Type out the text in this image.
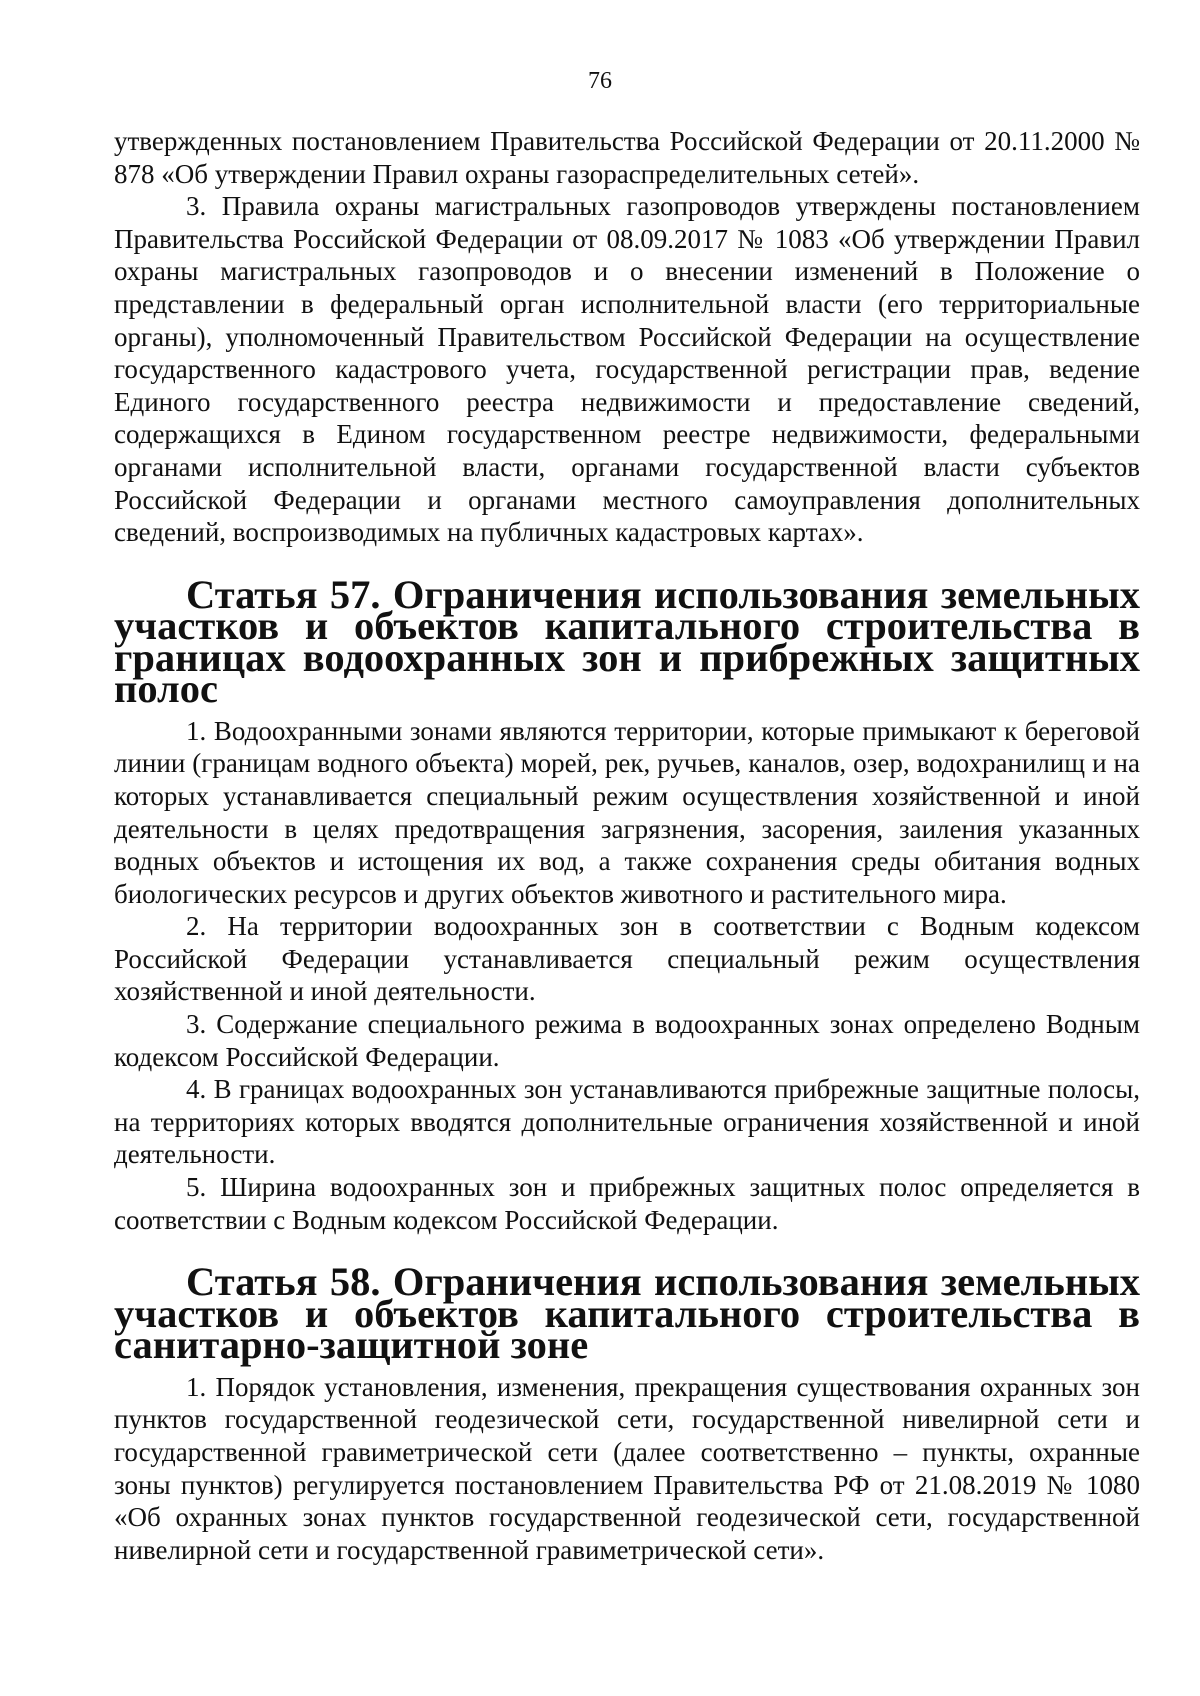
76

утвержденных постановлением Правительства Российской Федерации от 20.11.2000 № 878 «Об утверждении Правил охраны газораспределительных сетей».

3. Правила охраны магистральных газопроводов утверждены постановлением Правительства Российской Федерации от 08.09.2017 № 1083 «Об утверждении Правил охраны магистральных газопроводов и о внесении изменений в Положение о представлении в федеральный орган исполнительной власти (его территориальные органы), уполномоченный Правительством Российской Федерации на осуществление государственного кадастрового учета, государственной регистрации прав, ведение Единого государственного реестра недвижимости и предоставление сведений, содержащихся в Едином государственном реестре недвижимости, федеральными органами исполнительной власти, органами государственной власти субъектов Российской Федерации и органами местного самоуправления дополнительных сведений, воспроизводимых на публичных кадастровых картах».

Статья 57. Ограничения использования земельных участков и объектов капитального строительства в границах водоохранных зон и прибрежных защитных полос

1. Водоохранными зонами являются территории, которые примыкают к береговой линии (границам водного объекта) морей, рек, ручьев, каналов, озер, водохранилищ и на которых устанавливается специальный режим осуществления хозяйственной и иной деятельности в целях предотвращения загрязнения, засорения, заиления указанных водных объектов и истощения их вод, а также сохранения среды обитания водных биологических ресурсов и других объектов животного и растительного мира.

2. На территории водоохранных зон в соответствии с Водным кодексом Российской Федерации устанавливается специальный режим осуществления хозяйственной и иной деятельности.

3. Содержание специального режима в водоохранных зонах определено Водным кодексом Российской Федерации.

4. В границах водоохранных зон устанавливаются прибрежные защитные полосы, на территориях которых вводятся дополнительные ограничения хозяйственной и иной деятельности.

5. Ширина водоохранных зон и прибрежных защитных полос определяется в соответствии с Водным кодексом Российской Федерации.

Статья 58. Ограничения использования земельных участков и объектов капитального строительства в санитарно-защитной зоне

1. Порядок установления, изменения, прекращения существования охранных зон пунктов государственной геодезической сети, государственной нивелирной сети и государственной гравиметрической сети (далее соответственно – пункты, охранные зоны пунктов) регулируется постановлением Правительства РФ от 21.08.2019 № 1080 «Об охранных зонах пунктов государственной геодезической сети, государственной нивелирной сети и государственной гравиметрической сети».
